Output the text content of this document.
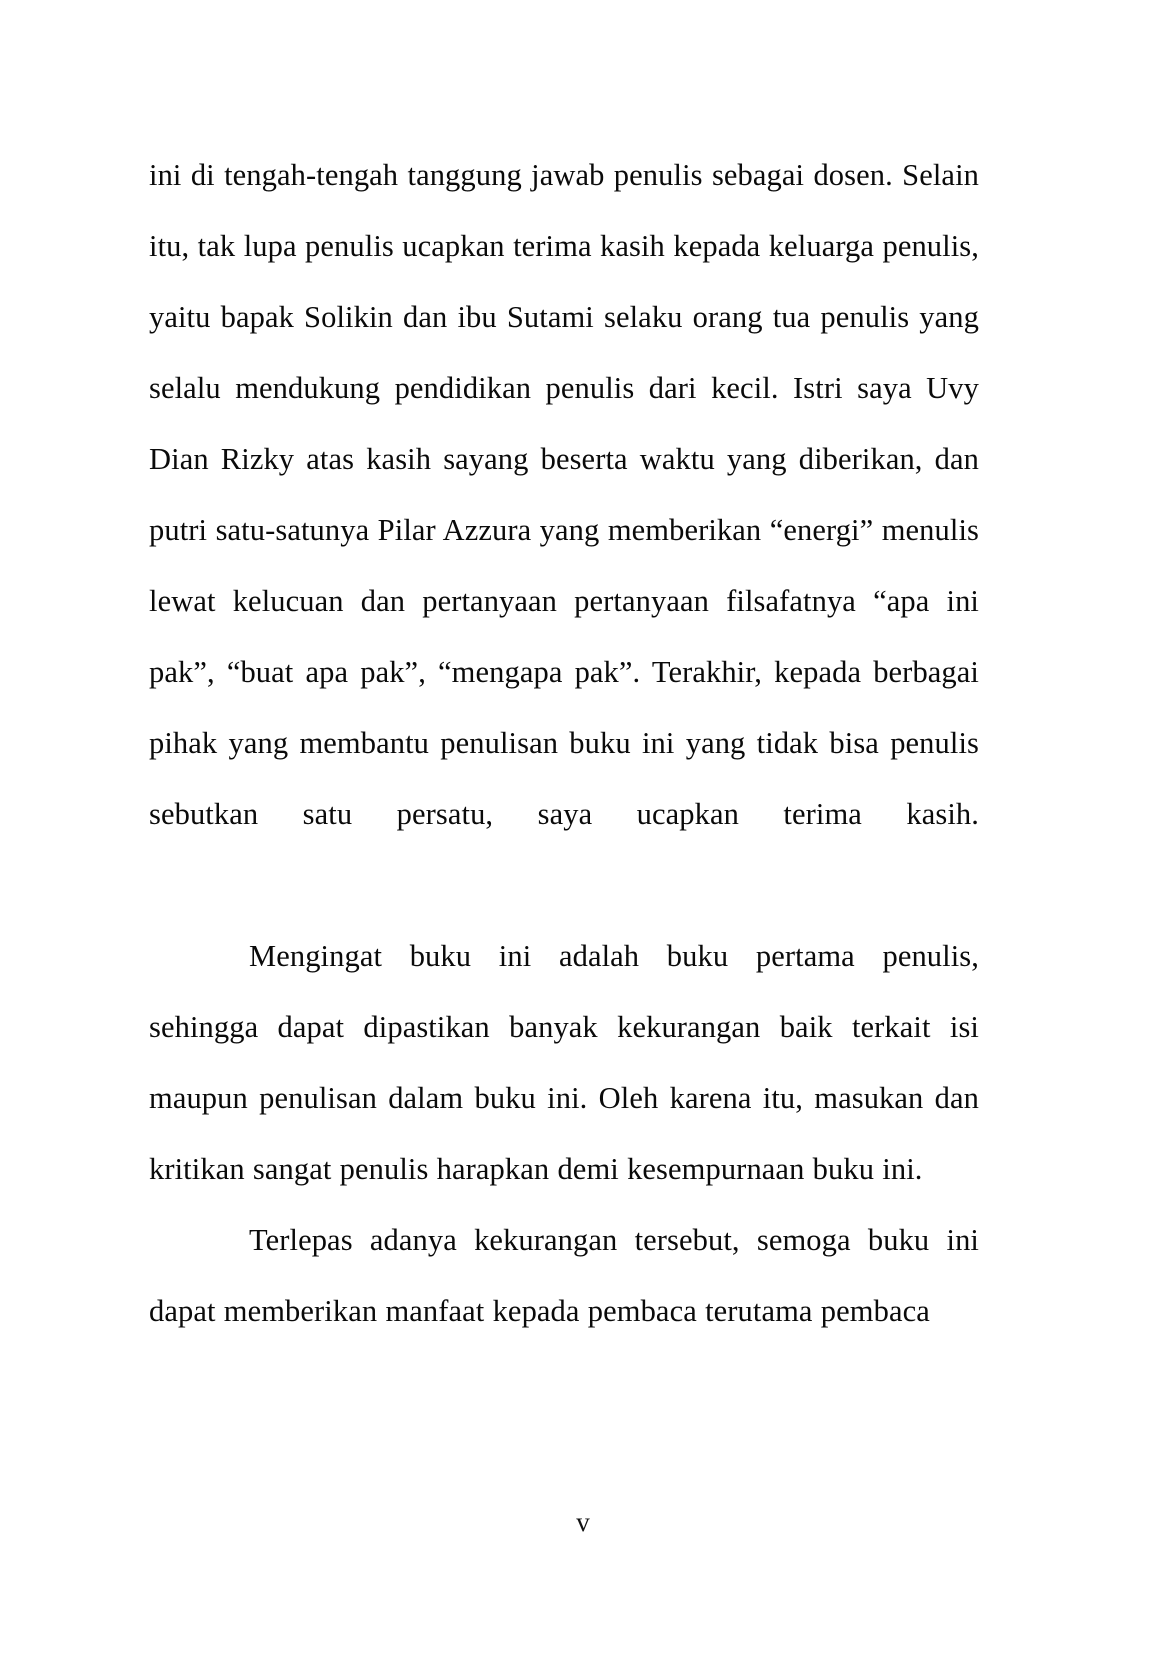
ini di tengah-tengah tanggung jawab penulis sebagai dosen. Selain itu, tak lupa penulis ucapkan terima kasih kepada keluarga penulis, yaitu bapak Solikin dan ibu Sutami selaku orang tua penulis yang selalu mendukung pendidikan penulis dari kecil. Istri saya Uvy Dian Rizky atas kasih sayang beserta waktu yang diberikan, dan putri satu-satunya Pilar Azzura yang memberikan “energi” menulis lewat kelucuan dan pertanyaan pertanyaan filsafatnya “apa ini pak”, “buat apa pak”, “mengapa pak”. Terakhir, kepada berbagai pihak yang membantu penulisan buku ini yang tidak bisa penulis sebutkan satu persatu, saya ucapkan terima kasih.

Mengingat buku ini adalah buku pertama penulis, sehingga dapat dipastikan banyak kekurangan baik terkait isi maupun penulisan dalam buku ini. Oleh karena itu, masukan dan kritikan sangat penulis harapkan demi kesempurnaan buku ini.

Terlepas adanya kekurangan tersebut, semoga buku ini dapat memberikan manfaat kepada pembaca terutama pembaca

v
